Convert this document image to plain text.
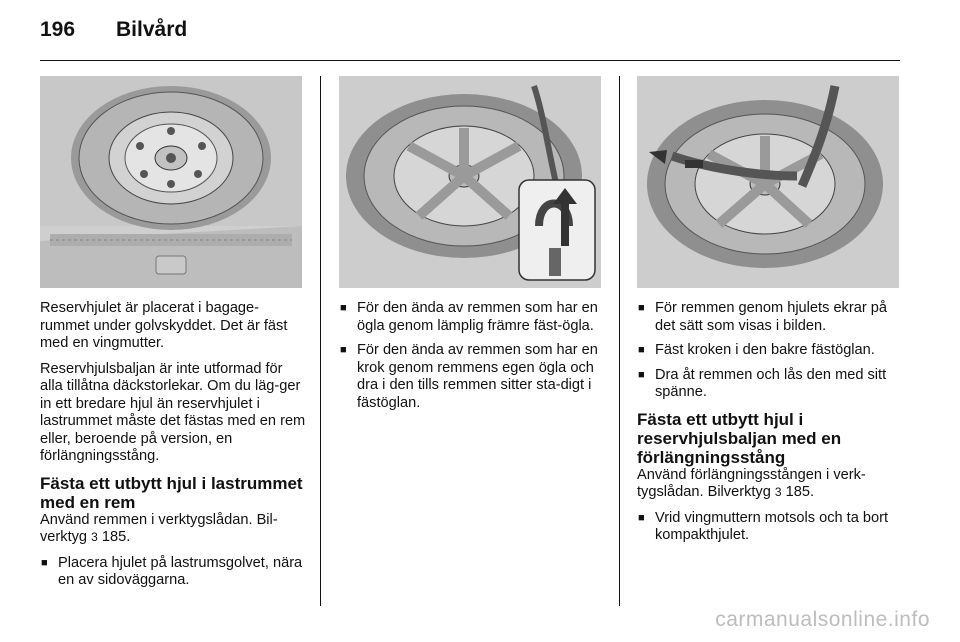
196	Bilvård

Reservhjulet är placerat i bagage-rummet under golvskyddet. Det är fäst med en vingmutter.

Reservhjulsbaljan är inte utformad för alla tillåtna däckstorlekar. Om du läg-ger in ett bredare hjul än reservhjulet i lastrummet måste det fästas med en rem eller, beroende på version, en förlängningsstång.

Fästa ett utbytt hjul i lastrummet med en rem

Använd remmen i verktygslådan. Bil-verktyg 3 185.

■ Placera hjulet på lastrumsgolvet, nära en av sidoväggarna.
■ För den ända av remmen som har en ögla genom lämplig främre fäst-ögla.
■ För den ända av remmen som har en krok genom remmens egen ögla och dra i den tills remmen sitter sta-digt i fästöglan.
■ För remmen genom hjulets ekrar på det sätt som visas i bilden.
■ Fäst kroken i den bakre fästöglan.
■ Dra åt remmen och lås den med sitt spänne.
Fästa ett utbytt hjul i reservhjulsbaljan med en förlängningsstång

Använd förlängningsstången i verk-tygslådan. Bilverktyg 3 185.

■ Vrid vingmuttern motsols och ta bort kompakthjulet.
carmanualsonline.info
